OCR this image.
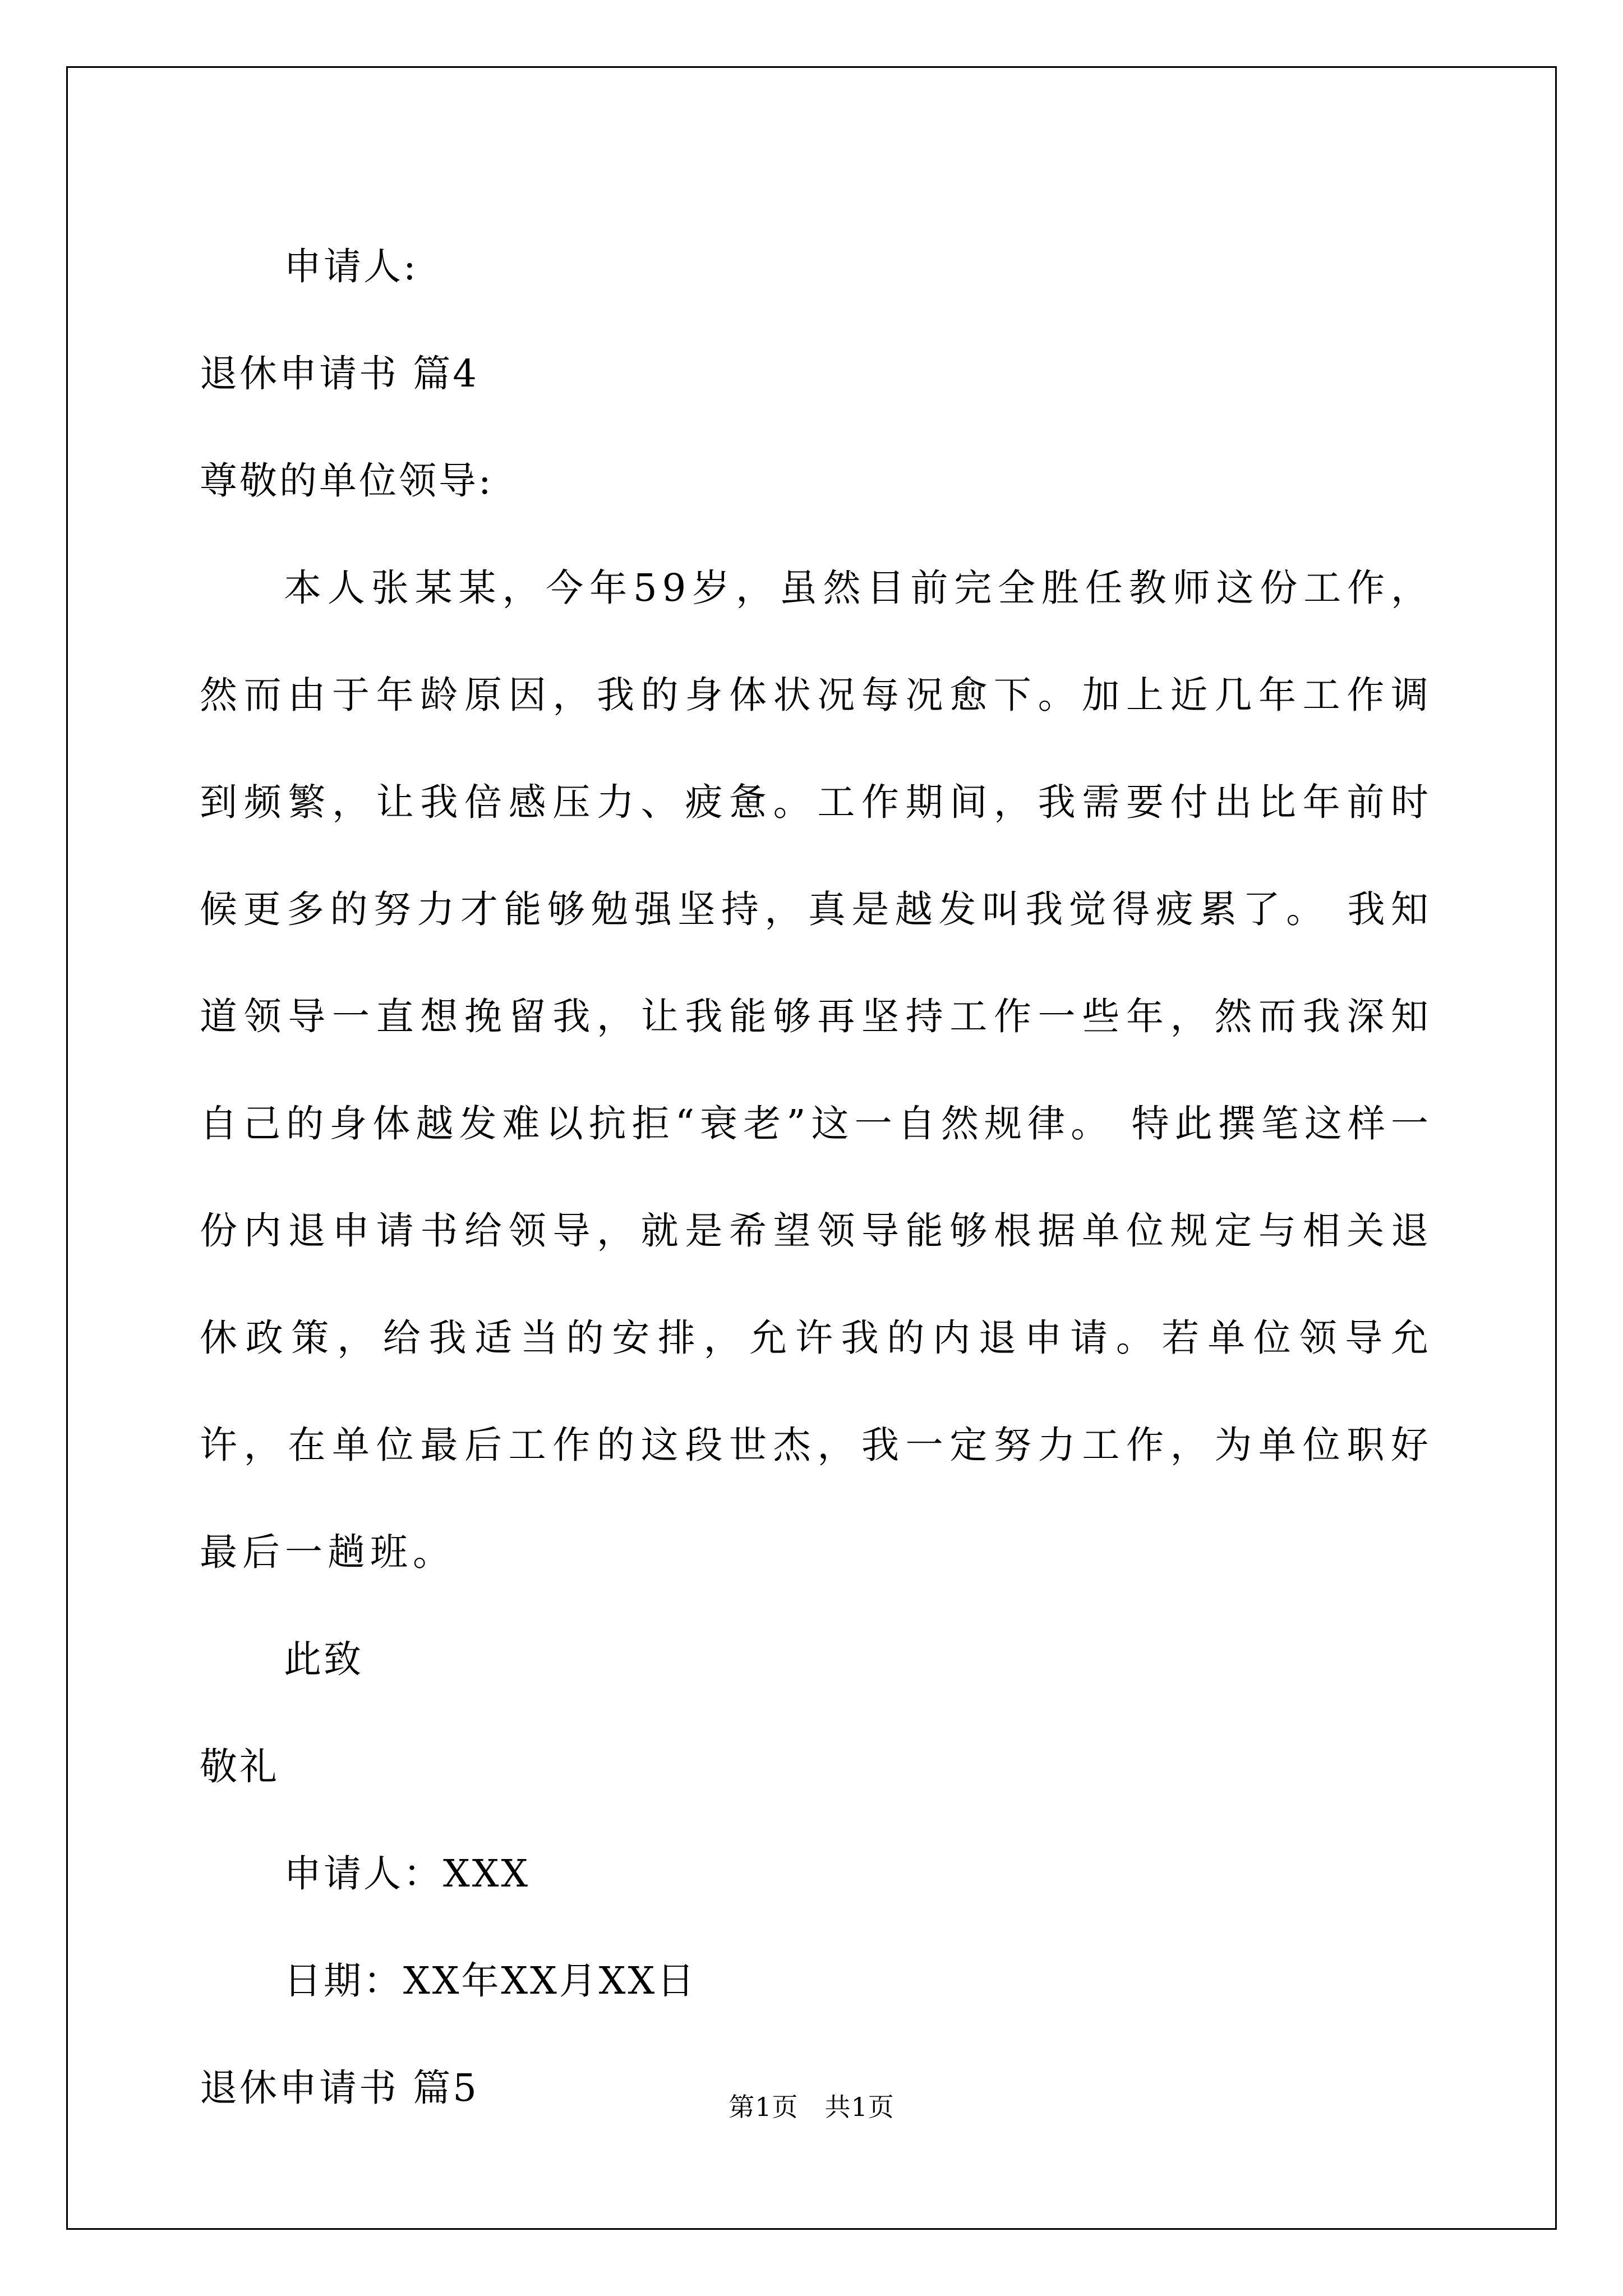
申请人:

退休申请书 篇4

尊敬的单位领导:

本人张某某，今年59岁，虽然目前完全胜任教师这份工作，然而由于年龄原因，我的身体状况每况愈下。加上近几年工作调到频繁，让我倍感压力、疲惫。工作期间，我需要付出比年前时候更多的努力才能够勉强坚持，真是越发叫我觉得疲累了。 我知道领导一直想挽留我，让我能够再坚持工作一些年，然而我深知自己的身体越发难以抗拒“衰老”这一自然规律。 特此撰笔这样一份内退申请书给领导，就是希望领导能够根据单位规定与相关退休政策，给我适当的安排，允许我的内退申请。若单位领导允许，在单位最后工作的这段世杰，我一定努力工作，为单位职好最后一趟班。

此致

敬礼

申请人：XXX

日期：XX年XX月XX日

退休申请书 篇5	第1页　共1页
